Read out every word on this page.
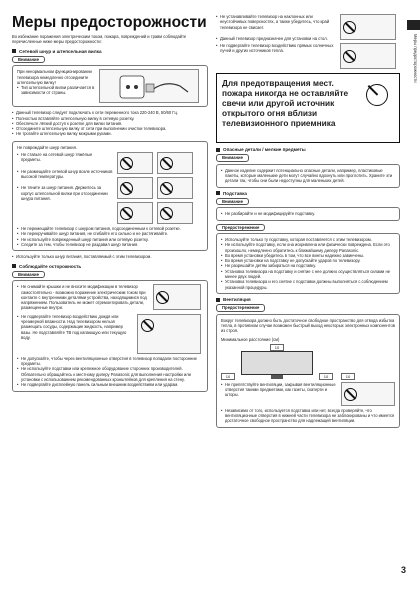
Меры предосторожности
Меры предосторожности
Во избежание поражения электрическим током, пожара, повреждений и травм соблюдайте перечисленные ниже меры предосторожности:
Сетевой шнур и штепсельная вилка
Внимание
При ненормальном функционировании телевизора немедленно отсоедините штепсельную вилку!
• Тип штепсельной вилки различается в зависимости от страны.
• Данный телевизор следует подключать к сети переменного тока 220-240 В, 50/60 Гц.
• Полностью вставляйте штепсельную вилку в сетевую розетку.
• Обеспечьте лёгкий доступ к розетке для вилки питания.
• Отсоедините штепсельную вилку от сети при выполнении очистки телевизора.
• Не трогайте штепсельную вилку мокрыми руками.
Не повреждайте шнур питания.
• Не ставьте на сетевой шнур тяжёлые предметы.
• Не размещайте сетевой шнур возле источников высокой температуры.
• Не тяните за шнур питания. Держитесь за корпус штепсельной вилки при отсоединении шнура питания.
• Не перемещайте телевизор с шнуром питания, подсоединенным к сетевой розетке.
• Не перекручивайте шнур питания, не сгибайте его сильно и не растягивайте.
• Не используйте поврежденный шнур питания или сетевую розетку.
• Следите за тем, чтобы телевизор не раздавил шнур питания.
• Используйте только шнур питания, поставляемый с этим телевизором.
Соблюдайте осторожность
Внимание
• Не снимайте крышки и не вносите модификации в телевизор самостоятельно - возможно поражение электрическим током при контакте с внутренними деталями устройства, находящимися под напряжением. Пользователь не может отремонтировать детали, размещенные внутри.
• Не подвергайте телевизор воздействию дождя или чрезмерной влажности. Над телевизором нельзя размещать сосуды, содержащие жидкость, например вазы. Не подставляйте ТВ под капающую или текущую воду.
• Не допускайте, чтобы через вентиляционные отверстия в телевизор попадали посторонние предметы.
• Не используйте подставки или крепежное оборудование сторонних производителей. Обязательно обращайтесь к местному дилеру Panasonic для выполнения настройки или установки с использованием рекомендованных кронштейнов для крепления на стену.
• Не подвергайте дисплейную панель сильным внешним воздействиям или ударам.
• Не устанавливайте телевизор на наклонных или неустойчивых поверхностях, а также убедитесь, что край телевизора не свисает.
• Данный телевизор предназначен для установки на стол.
• Не подвергайте телевизор воздействию прямых солнечных лучей и других источников тепла.
Для предотвращения мест. пожара никогда не оставляйте свечи или другой источник открытого огня вблизи телевизионного приемника
Опасные детали / мелкие предметы
Внимание
• Данное изделие содержит потенциально опасные детали, например, пластиковые пакеты, которые маленькие дети могут случайно вдохнуть или проглотить. Храните эти детали так, чтобы они были недоступны для маленьких детей.
Подставка
Внимание
• Не разбирайте и не модифицируйте подставку.
Предостережение
• Используйте только ту подставку, которая поставляется с этим телевизором.
• Не используйте подставку, если она искривлена или физически повреждена. Если это произошло, немедленно обратитесь к ближайшему дилеру Panasonic.
• Во время установки убедитесь в том, что все винты надежно завинчены.
• Во время установки на подставку не допускайте ударов по телевизору.
• Не разрешайте детям забираться на подставку.
• Установка телевизора на подставку и снятие с нее должно осуществляться силами не менее двух людей.
• Установка телевизора и его снятие с подставки должны выполняться с соблюдением указанной процедуры.
Вентиляция
Предостережение
Вокруг телевизора должно быть достаточное свободное пространство для отвода избытка тепла, в противном случае возможен быстрый выход некоторых электронных компонентов из строя.
Минимальное расстояние (см)
10
10
10	10
• Не препятствуйте вентиляции, закрывая вентиляционные отверстия такими предметами, как газеты, скатерти и шторы.
• Независимо от того, используется подставка или нет, всегда проверяйте, что вентиляционные отверстия в нижней части телевизора не заблокированы и что имеется достаточное свободное пространство для надлежащей вентиляции.
3
